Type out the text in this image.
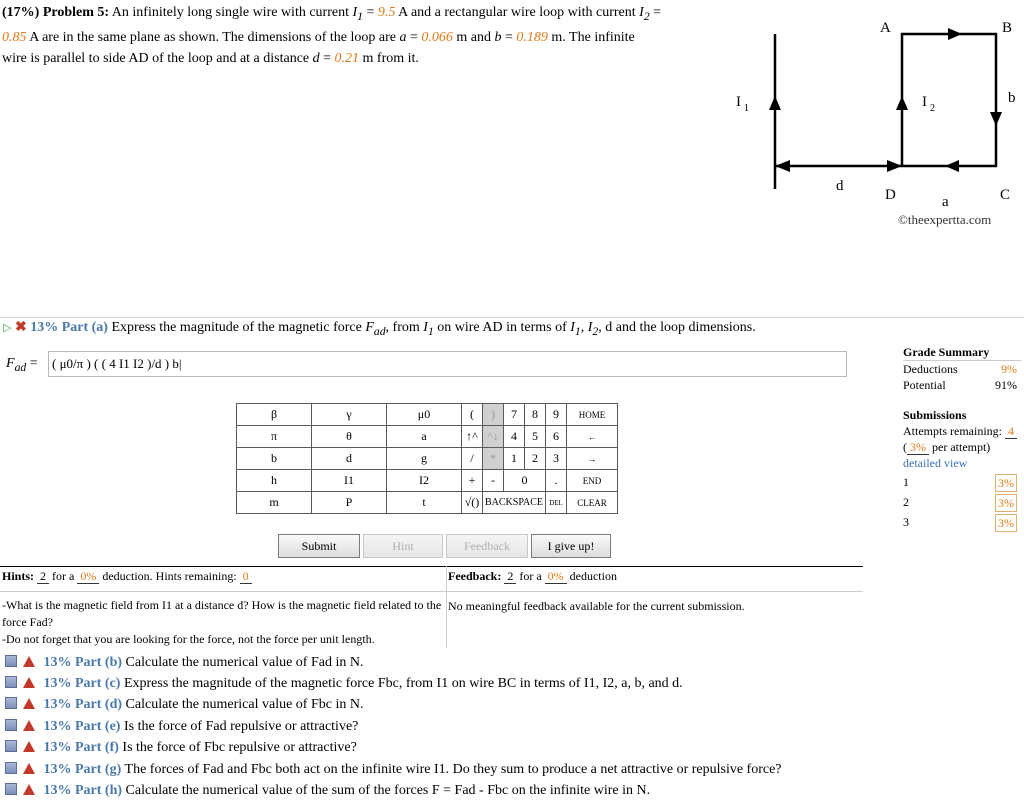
(17%) Problem 5: An infinitely long single wire with current $I_1 = 9.5$ A and a rectangular wire loop with current $I_2 = 0.85$ A are in the same plane as shown. The dimensions of the loop are a = 0.066 m and b = 0.189 m. The infinite wire is parallel to side AD of the loop and at a distance d = 0.21 m from it.
A	B
C
D
I 1	I 2
b
a
d
©theexpertta.com
▷ ✖ 13% Part (a) Express the magnitude of the magnetic force $F_{ad}$, from $I_1$ on wire AD in terms of $I_1$, $I_2$, d and the loop dimensions.
$F_{ad}$ =	( μ0/π ) ( ( 4 I1 I2 )/d ) b|
β	γ	μ0	(	)	7	8	9	HOME
π	θ	a	↑^	^↓	4	5	6	←
b	d	g	/	*	1	2	3	→
h	I1	I2	+	-	0		.	END
m	P	t	√()	BACKSPACE			DEL	CLEAR
Submit	Hint	Feedback	I give up!
Grade Summary
Deductions	9%
Potential	91%
Submissions
Attempts remaining: 4
( 3% per attempt)
detailed view
1	3%
2	3%
3	3%
Hints: 2 for a 0% deduction. Hints remaining: 0	Feedback: 2 for a 0% deduction
-What is the magnetic field from I1 at a distance d? How is the magnetic field related to the force Fad?
-Do not forget that you are looking for the force, not the force per unit length.
No meaningful feedback available for the current submission.
13% Part (b) Calculate the numerical value of Fad in N.
13% Part (c) Express the magnitude of the magnetic force Fbc, from I1 on wire BC in terms of I1, I2, a, b, and d.
13% Part (d) Calculate the numerical value of Fbc in N.
13% Part (e) Is the force of Fad repulsive or attractive?
13% Part (f) Is the force of Fbc repulsive or attractive?
13% Part (g) The forces of Fad and Fbc both act on the infinite wire I1. Do they sum to produce a net attractive or repulsive force?
13% Part (h) Calculate the numerical value of the sum of the forces F = Fad - Fbc on the infinite wire in N.
